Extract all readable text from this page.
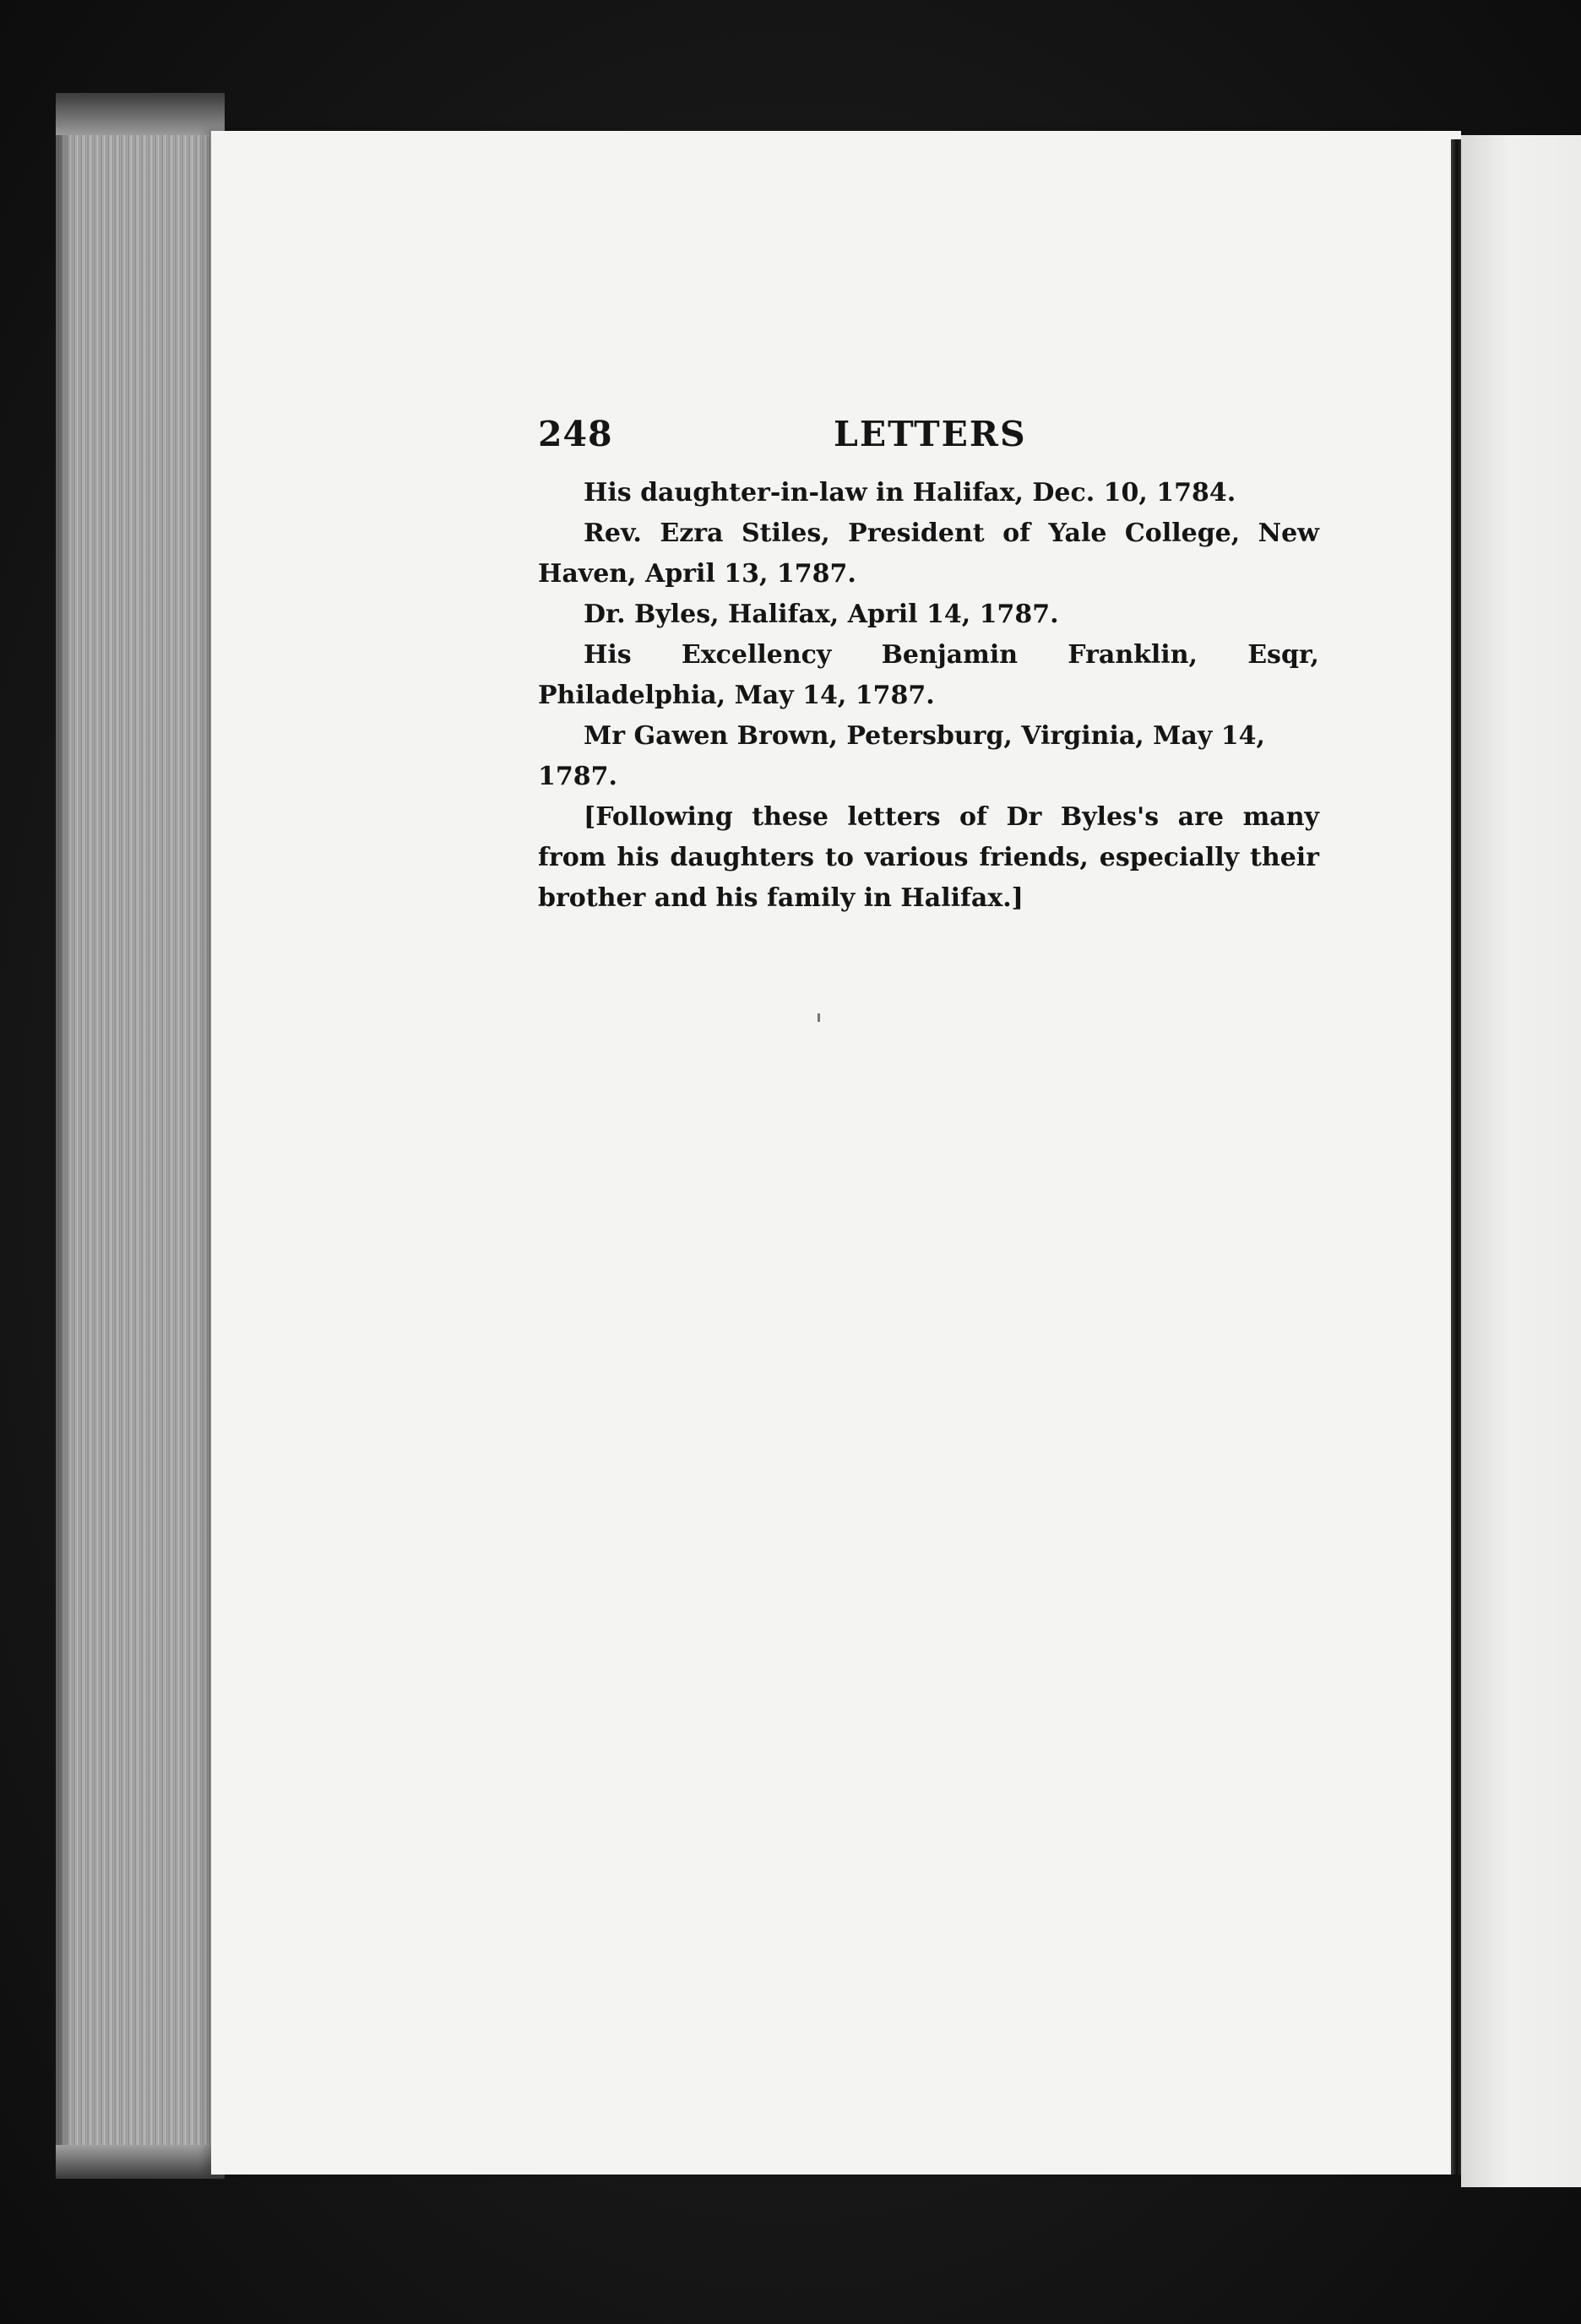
248	LETTERS

His daughter-in-law in Halifax, Dec. 10, 1784.

Rev. Ezra Stiles, President of Yale College, New Haven, April 13, 1787.

Dr. Byles, Halifax, April 14, 1787.

His Excellency Benjamin Franklin, Esqr, Philadelphia, May 14, 1787.

Mr Gawen Brown, Petersburg, Virginia, May 14, 1787.

[Following these letters of Dr Byles's are many from his daughters to various friends, especially their brother and his family in Halifax.]
